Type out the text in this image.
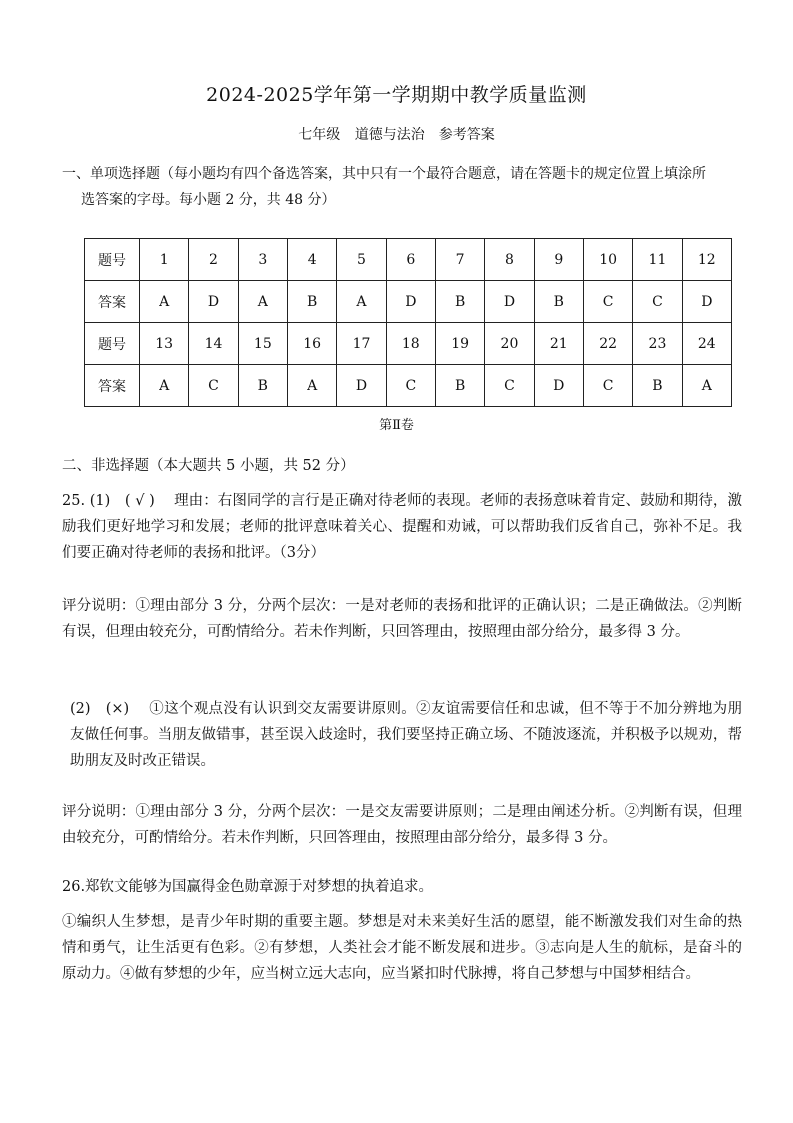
2024-2025学年第一学期期中教学质量监测
七年级 道德与法治　参考答案
一、单项选择题（每小题均有四个备选答案，其中只有一个最符合题意，请在答题卡的规定位置上填涂所
选答案的字母。每小题 2 分，共 48 分）
题号	1	2	3	4	5	6	7	8	9	10	11	12
答案	A	D	A	B	A	D	B	D	B	C	C	D
题号	13	14	15	16	17	18	19	20	21	22	23	24
答案	A	C	B	A	D	C	B	C	D	C	B	A
第Ⅱ卷
二、非选择题（本大题共 5 小题，共 52 分）

25. (1)　( √ )　 理由：右图同学的言行是正确对待老师的表现。老师的表扬意味着肯定、鼓励和期待，激励我们更好地学习和发展；老师的批评意味着关心、提醒和劝诫，可以帮助我们反省自己，弥补不足。我们要正确对待老师的表扬和批评。（3分）

评分说明：①理由部分 3 分，分两个层次：一是对老师的表扬和批评的正确认识；二是正确做法。②判断有误，但理由较充分，可酌情给分。若未作判断，只回答理由，按照理由部分给分，最多得 3 分。

(2)　(×)　 ①这个观点没有认识到交友需要讲原则。②友谊需要信任和忠诚，但不等于不加分辨地为朋友做任何事。当朋友做错事，甚至误入歧途时，我们要坚持正确立场、不随波逐流，并积极予以规劝，帮助朋友及时改正错误。

评分说明：①理由部分 3 分，分两个层次：一是交友需要讲原则；二是理由阐述分析。②判断有误，但理由较充分，可酌情给分。若未作判断，只回答理由，按照理由部分给分，最多得 3 分。

26.郑钦文能够为国赢得金色勋章源于对梦想的执着追求。

①编织人生梦想，是青少年时期的重要主题。梦想是对未来美好生活的愿望，能不断激发我们对生命的热情和勇气，让生活更有色彩。②有梦想，人类社会才能不断发展和进步。③志向是人生的航标，是奋斗的原动力。④做有梦想的少年，应当树立远大志向，应当紧扣时代脉搏，将自己梦想与中国梦相结合。
